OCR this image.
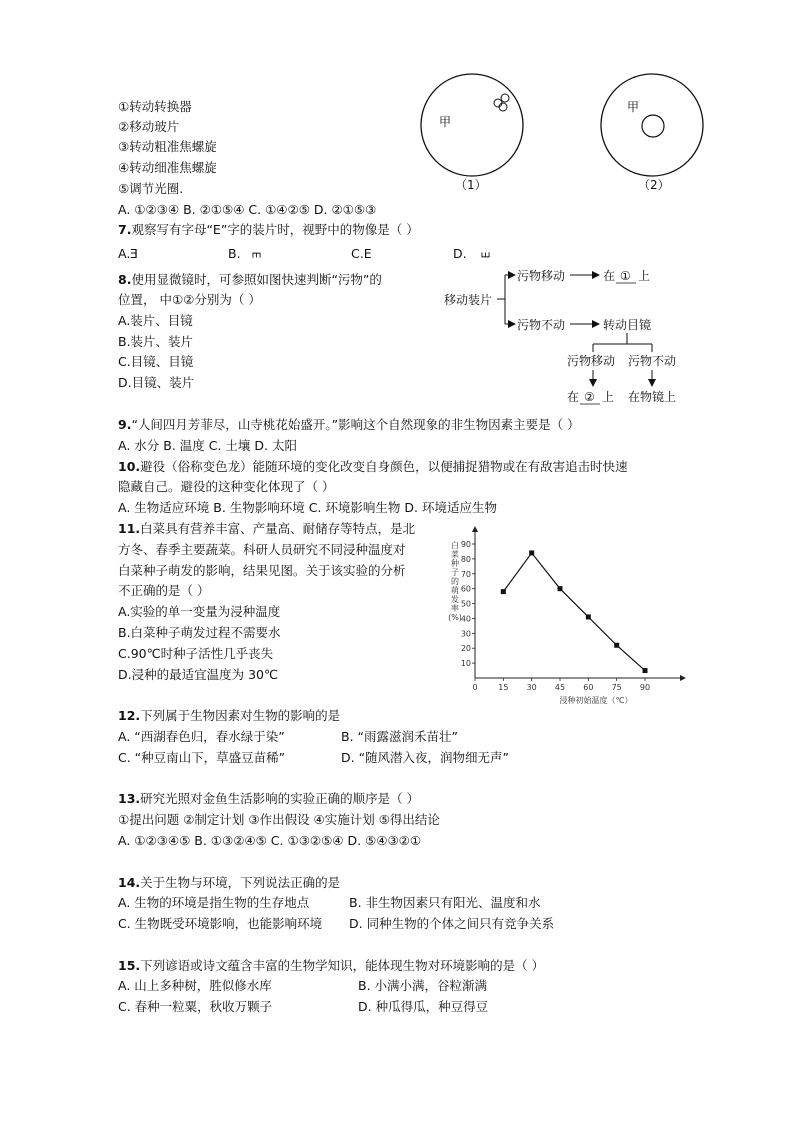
①转动转换器
②移动玻片
③转动粗准焦螺旋
④转动细准焦螺旋
⑤调节光圈.
A. ①②③④ B. ②①⑤④ C. ①④②⑤ D. ②①⑤③
甲
甲
（1）	（2）
7.观察写有字母“E”字的装片时，视野中的物像是（ ）
A.E	B. E	C.E	D. E
8.使用显微镜时，可参照如图快速判断“污物”的
位置， 中①②分别为（ ）
A.装片、目镜
B.装片、装片
C.目镜、目镜
D.目镜、装片
移动装片
污物移动	在 ① 上
污物不动	转动目镜
污物移动 污物不动
在 ② 上 在物镜上
9.“人间四月芳菲尽，山寺桃花始盛开。”影响这个自然现象的非生物因素主要是（ ）
A. 水分 B. 温度 C. 土壤 D. 太阳
10.避役（俗称变色龙）能随环境的变化改变自身颜色，以便捕捉猎物或在有敌害追击时快速
隐藏自己。避役的这种变化体现了（ ）
A. 生物适应环境 B. 生物影响环境 C. 环境影响生物 D. 环境适应生物
11.白菜具有营养丰富、产量高、耐储存等特点，是北
方冬、春季主要蔬菜。科研人员研究不同浸种温度对
白菜种子萌发的影响，结果见图。关于该实验的分析
不正确的是（ ）
A.实验的单一变量为浸种温度
B.白菜种子萌发过程不需要水
C.90℃时种子活性几乎丧失
D.浸种的最适宜温度为 30℃
0	15 30 45 60 75 90
10
20
30
40
50
60
70
80
90
白
菜
种
子
的
萌
发
率
(%)
浸种初始温度（℃）
12.下列属于生物因素对生物的影响的是
A. “西湖春色归，春水绿于染”	B. “雨露滋润禾苗壮”
C. “种豆南山下，草盛豆苗稀”	D. “随风潜入夜，润物细无声”
13.研究光照对金鱼生活影响的实验正确的顺序是（ ）
①提出问题 ②制定计划 ③作出假设 ④实施计划 ⑤得出结论
A. ①②③④⑤ B. ①③②④⑤ C. ①③②⑤④ D. ⑤④③②①
14.关于生物与环境，下列说法正确的是
A. 生物的环境是指生物的生存地点	B. 非生物因素只有阳光、温度和水
C. 生物既受环境影响，也能影响环境 D. 同种生物的个体之间只有竞争关系
15.下列谚语或诗文蕴含丰富的生物学知识，能体现生物对环境影响的是（ ）
A. 山上多种树，胜似修水库	B. 小满小满，谷粒渐满
C. 春种一粒粟，秋收万颗子	D. 种瓜得瓜，种豆得豆
